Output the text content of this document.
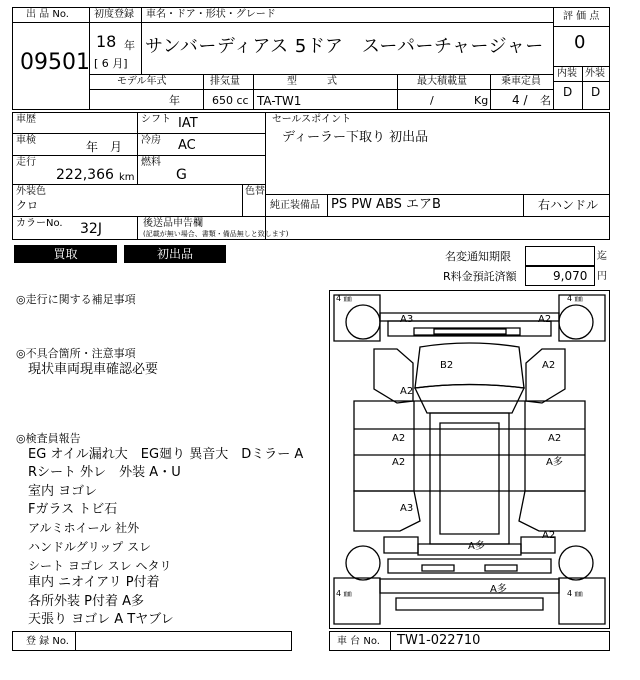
出 品 No.
09501
初度登録
18 年
[ 6 月]
車名・ドア・形状・グレード
サンバーディアス 5ドア　スーパーチャージャー
評 価 点
0
内装 外装
D D
モデル年式
年
排気量
650 cc
型　　　式
TA-TW1
最大積載量
/	Kg
乗車定員
4 / 名
車歴
車検	年　月
走行
222,366 km
シフト IAT
冷房 AC
燃料
G
セールスポイント
ディーラー下取り 初出品
外装色
クロ
色替
純正装備品 PS PW ABS エアB	右ハンドル
カラーNo. 32J	後送品申告欄
(記載が無い場合、書類・備品無しと致します)
買取	初出品	名変通知期限	迄
R料金預託済額	9,070 円
◎走行に関する補足事項
◎不具合箇所・注意事項
現状車両現車確認必要
◎検査員報告
EG オイル漏れ大　EG廻り 異音大　Dミラー A
Rシート 外レ　外装 A・U
室内 ヨゴレ
Fガラス トビ石
アルミホイール 社外
ハンドルグリップ スレ
シート ヨゴレ スレ ヘタリ
車内 ニオイアリ P付着
各所外装 P付着 A多
天張り ヨゴレ A Tヤブレ
4 ㎜	4 ㎜
4 ㎜	4 ㎜
A3	A2
B2
A2
A2
A2	A2
A2	A多
A3
A2
A多
A多
登 録 No.	車 台 No. TW1-022710
